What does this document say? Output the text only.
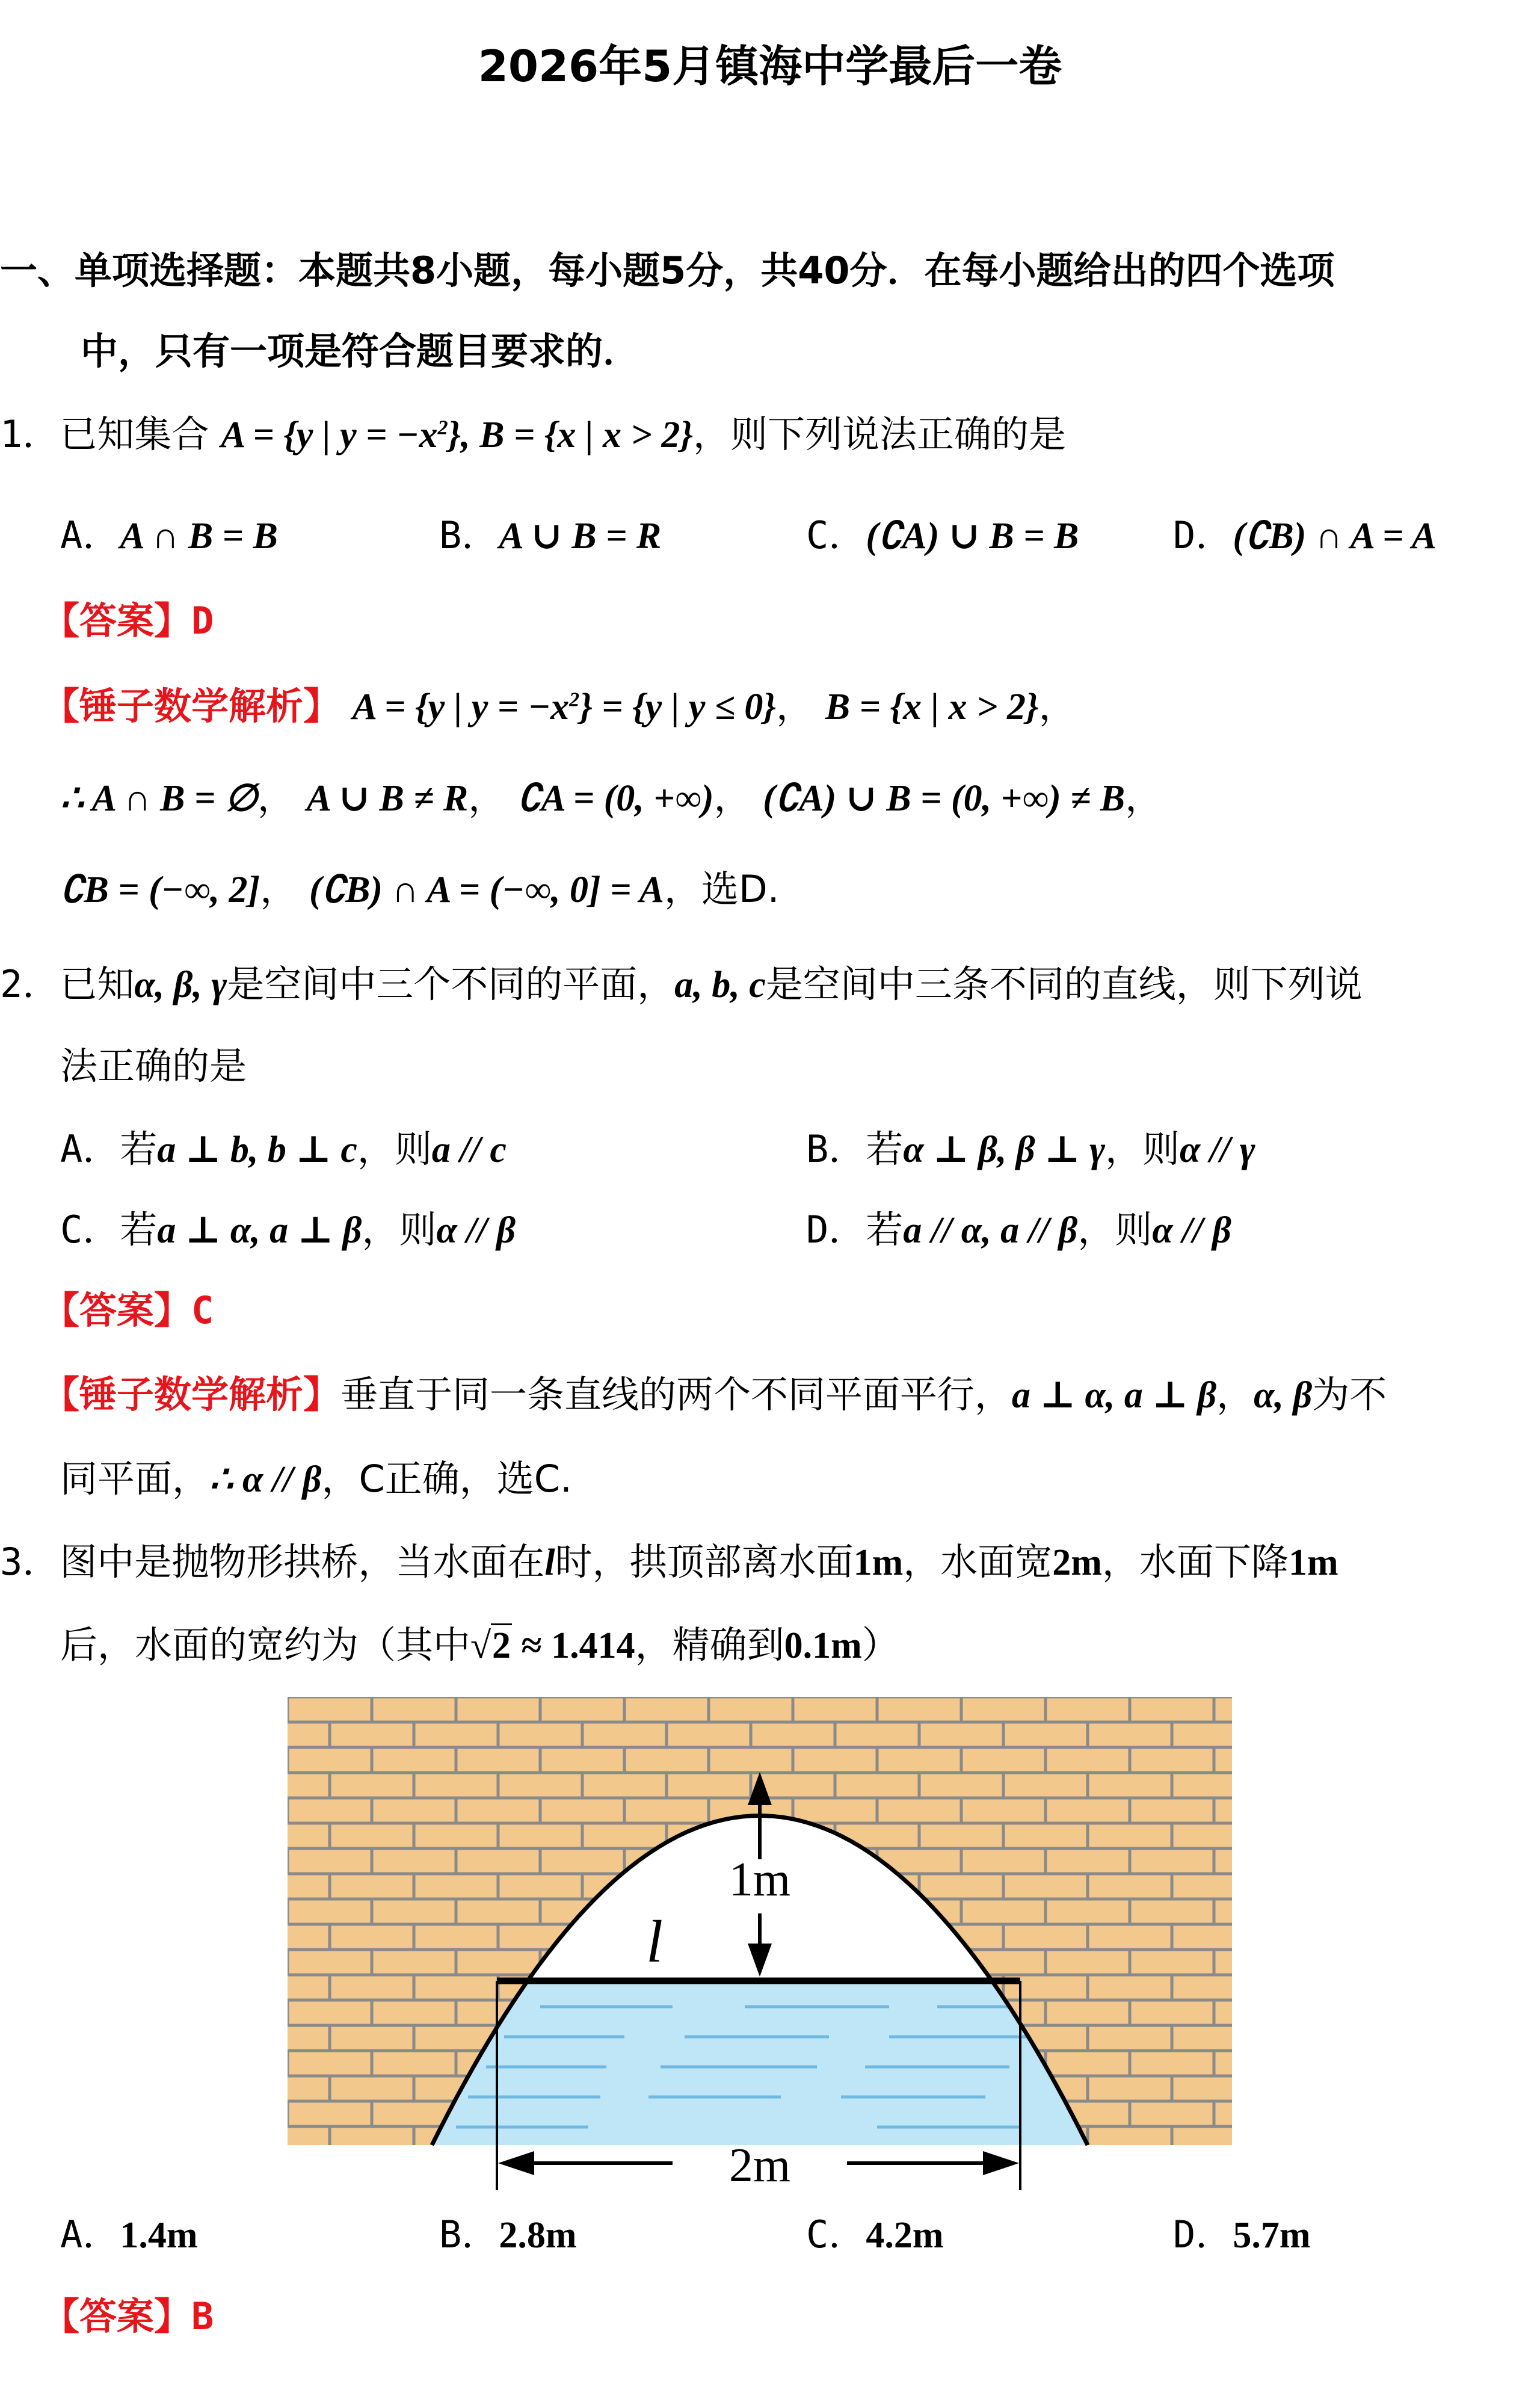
2026年5月镇海中学最后一卷
一、单项选择题：本题共8小题，每小题5分，共40分．在每小题给出的四个选项
中，只有一项是符合题目要求的．
1．已知集合 A = {y | $y = -x^2$}, B = {x | x > 2}，则下列说法正确的是
A．A ∩ B = B	B．A ∪ B = R	C．(∁A) ∪ B = B	D．(∁B) ∩ A = A
【答案】D
【锤子数学解析】 A = {y | $y = -x^2\} = \{y$ | y ≤ 0}， B = {x | x > 2}，
∴ A ∩ B = ∅， A ∪ B ≠ R， ∁A = (0, +∞)， (∁A) ∪ B = (0, +∞) ≠ B，
∁B = (−∞, 2]， (∁B) ∩ A = (−∞, 0] = A，选D.
2．已知α, β, γ是空间中三个不同的平面，a, b, c是空间中三条不同的直线，则下列说
法正确的是
A．若a ⊥ b, b ⊥ c，则a // c	B．若α ⊥ β, β ⊥ γ，则α // γ
C．若a ⊥ α, a ⊥ β，则α // β	D．若a // α, a // β，则α // β
【答案】C
【锤子数学解析】垂直于同一条直线的两个不同平面平行，a ⊥ α, a ⊥ β，α, β为不
同平面，∴ α // β，C正确，选C.
3．图中是抛物形拱桥，当水面在l时，拱顶部离水面1m，水面宽2m，水面下降1m
后，水面的宽约为（其中√2 ≈ 1.414，精确到0.1m）
1m
l
2m
A．1.4m	B．2.8m	C．4.2m	D．5.7m
【答案】B
